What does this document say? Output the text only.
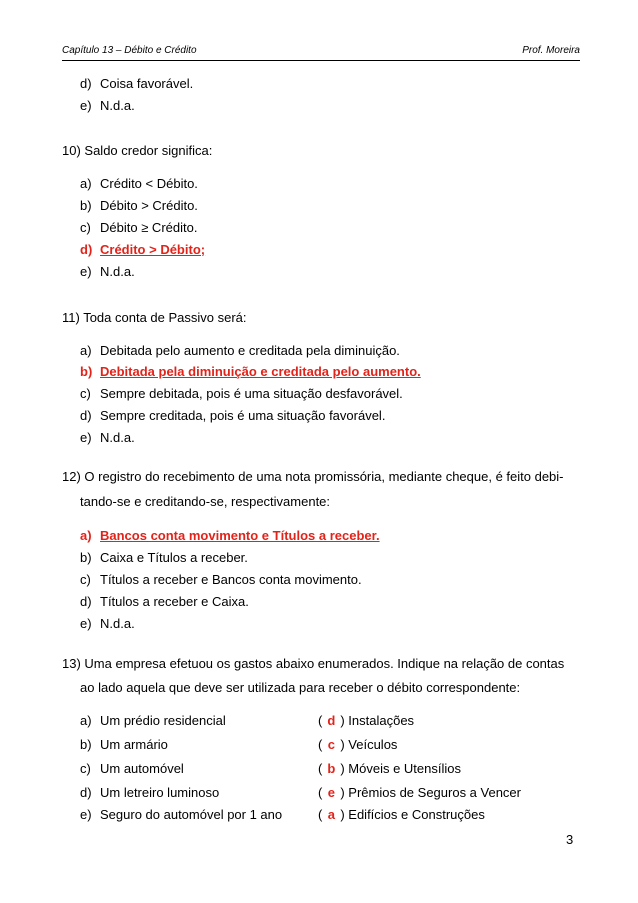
Capítulo 13 – Débito e Crédito	Prof. Moreira
d) Coisa favorável.
e) N.d.a.
10) Saldo credor significa:
a) Crédito < Débito.
b) Débito > Crédito.
c) Débito ≥ Crédito.
d) Crédito > Débito;
e) N.d.a.
11) Toda conta de Passivo será:
a) Debitada pelo aumento e creditada pela diminuição.
b) Debitada pela diminuição e creditada pelo aumento.
c) Sempre debitada, pois é uma situação desfavorável.
d) Sempre creditada, pois é uma situação favorável.
e) N.d.a.
12) O registro do recebimento de uma nota promissória, mediante cheque, é feito debi-
tando-se e creditando-se, respectivamente:
a) Bancos conta movimento e Títulos a receber.
b) Caixa e Títulos a receber.
c) Títulos a receber e Bancos conta movimento.
d) Títulos a receber e Caixa.
e) N.d.a.
13) Uma empresa efetuou os gastos abaixo enumerados. Indique na relação de contas
ao lado aquela que deve ser utilizada para receber o débito correspondente:
a) Um prédio residencial	( d ) Instalações
b) Um armário	( c ) Veículos
c) Um automóvel	( b ) Móveis e Utensílios
d) Um letreiro luminoso	( e ) Prêmios de Seguros a Vencer
e) Seguro do automóvel por 1 ano	( a ) Edifícios e Construções
3
